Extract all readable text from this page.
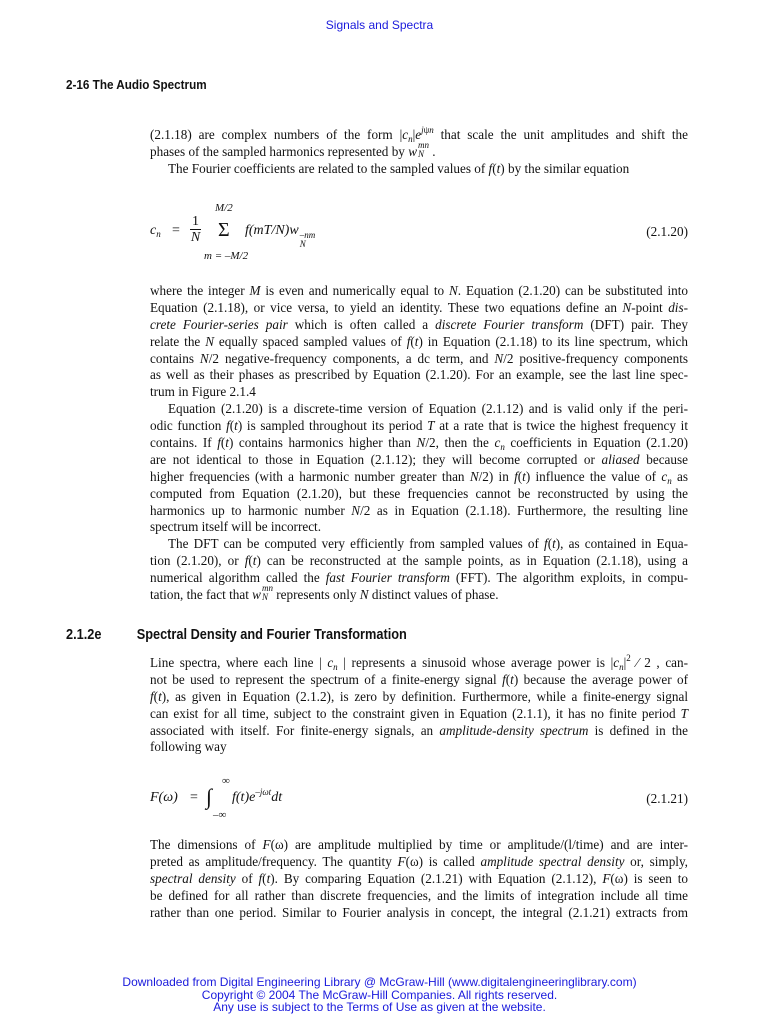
Signals and Spectra
2-16 The Audio Spectrum
(2.1.18) are complex numbers of the form $|c_n|e^{j\psi n}$ that scale the unit amplitudes and shift the
phases of the sampled harmonics represented by w mn
N .
The Fourier coefficients are related to the sampled values of f(t) by the similar equation
$c_n = \frac{1}{N}$
M/2
Σ
m = –M/2
f(mT/N)w –nm
N
(2.1.20)
where the integer M is even and numerically equal to N. Equation (2.1.20) can be substituted into
Equation (2.1.18), or vice versa, to yield an identity. These two equations define an N-point dis-
crete Fourier-series pair which is often called a discrete Fourier transform (DFT) pair. They
relate the N equally spaced sampled values of f(t) in Equation (2.1.18) to its line spectrum, which
contains N/2 negative-frequency components, a dc term, and N/2 positive-frequency components
as well as their phases as prescribed by Equation (2.1.20). For an example, see the last line spec-
trum in Figure 2.1.4
Equation (2.1.20) is a discrete-time version of Equation (2.1.12) and is valid only if the peri-
odic function f(t) is sampled throughout its period T at a rate that is twice the highest frequency it
contains. If f(t) contains harmonics higher than N/2, then the $c_n$ coefficients in Equation (2.1.20)
are not identical to those in Equation (2.1.12); they will become corrupted or aliased because
higher frequencies (with a harmonic number greater than N/2) in f(t) influence the value of $c_n$ as
computed from Equation (2.1.20), but these frequencies cannot be reconstructed by using the
harmonics up to harmonic number N/2 as in Equation (2.1.18). Furthermore, the resulting line
spectrum itself will be incorrect.
The DFT can be computed very efficiently from sampled values of f(t), as contained in Equa-
tion (2.1.20), or f(t) can be reconstructed at the sample points, as in Equation (2.1.18), using a
numerical algorithm called the fast Fourier transform (FFT). The algorithm exploits, in compu-
tation, the fact that w mn
N represents only N distinct values of phase.
2.1.2e Spectral Density and Fourier Transformation
Line spectra, where each line | $c_n$ | represents a sinusoid whose average power is $|c_n|^2$ ⁄ 2 , can-
not be used to represent the spectrum of a finite-energy signal f(t) because the average power of
f(t), as given in Equation (2.1.2), is zero by definition. Furthermore, while a finite-energy signal
can exist for all time, subject to the constraint given in Equation (2.1.1), it has no finite period T
associated with itself. For finite-energy signals, an amplitude-density spectrum is defined in the
following way
F(ω) = ∫
∞
–∞
$f(t)e^{-j\omega t}dt$	(2.1.21)
The dimensions of F(ω) are amplitude multiplied by time or amplitude/(l/time) and are inter-
preted as amplitude/frequency. The quantity F(ω) is called amplitude spectral density or, simply,
spectral density of f(t). By comparing Equation (2.1.21) with Equation (2.1.12), F(ω) is seen to
be defined for all rather than discrete frequencies, and the limits of integration include all time
rather than one period. Similar to Fourier analysis in concept, the integral (2.1.21) extracts from
Downloaded from Digital Engineering Library @ McGraw-Hill (www.digitalengineeringlibrary.com)
Copyright © 2004 The McGraw-Hill Companies. All rights reserved.
Any use is subject to the Terms of Use as given at the website.
